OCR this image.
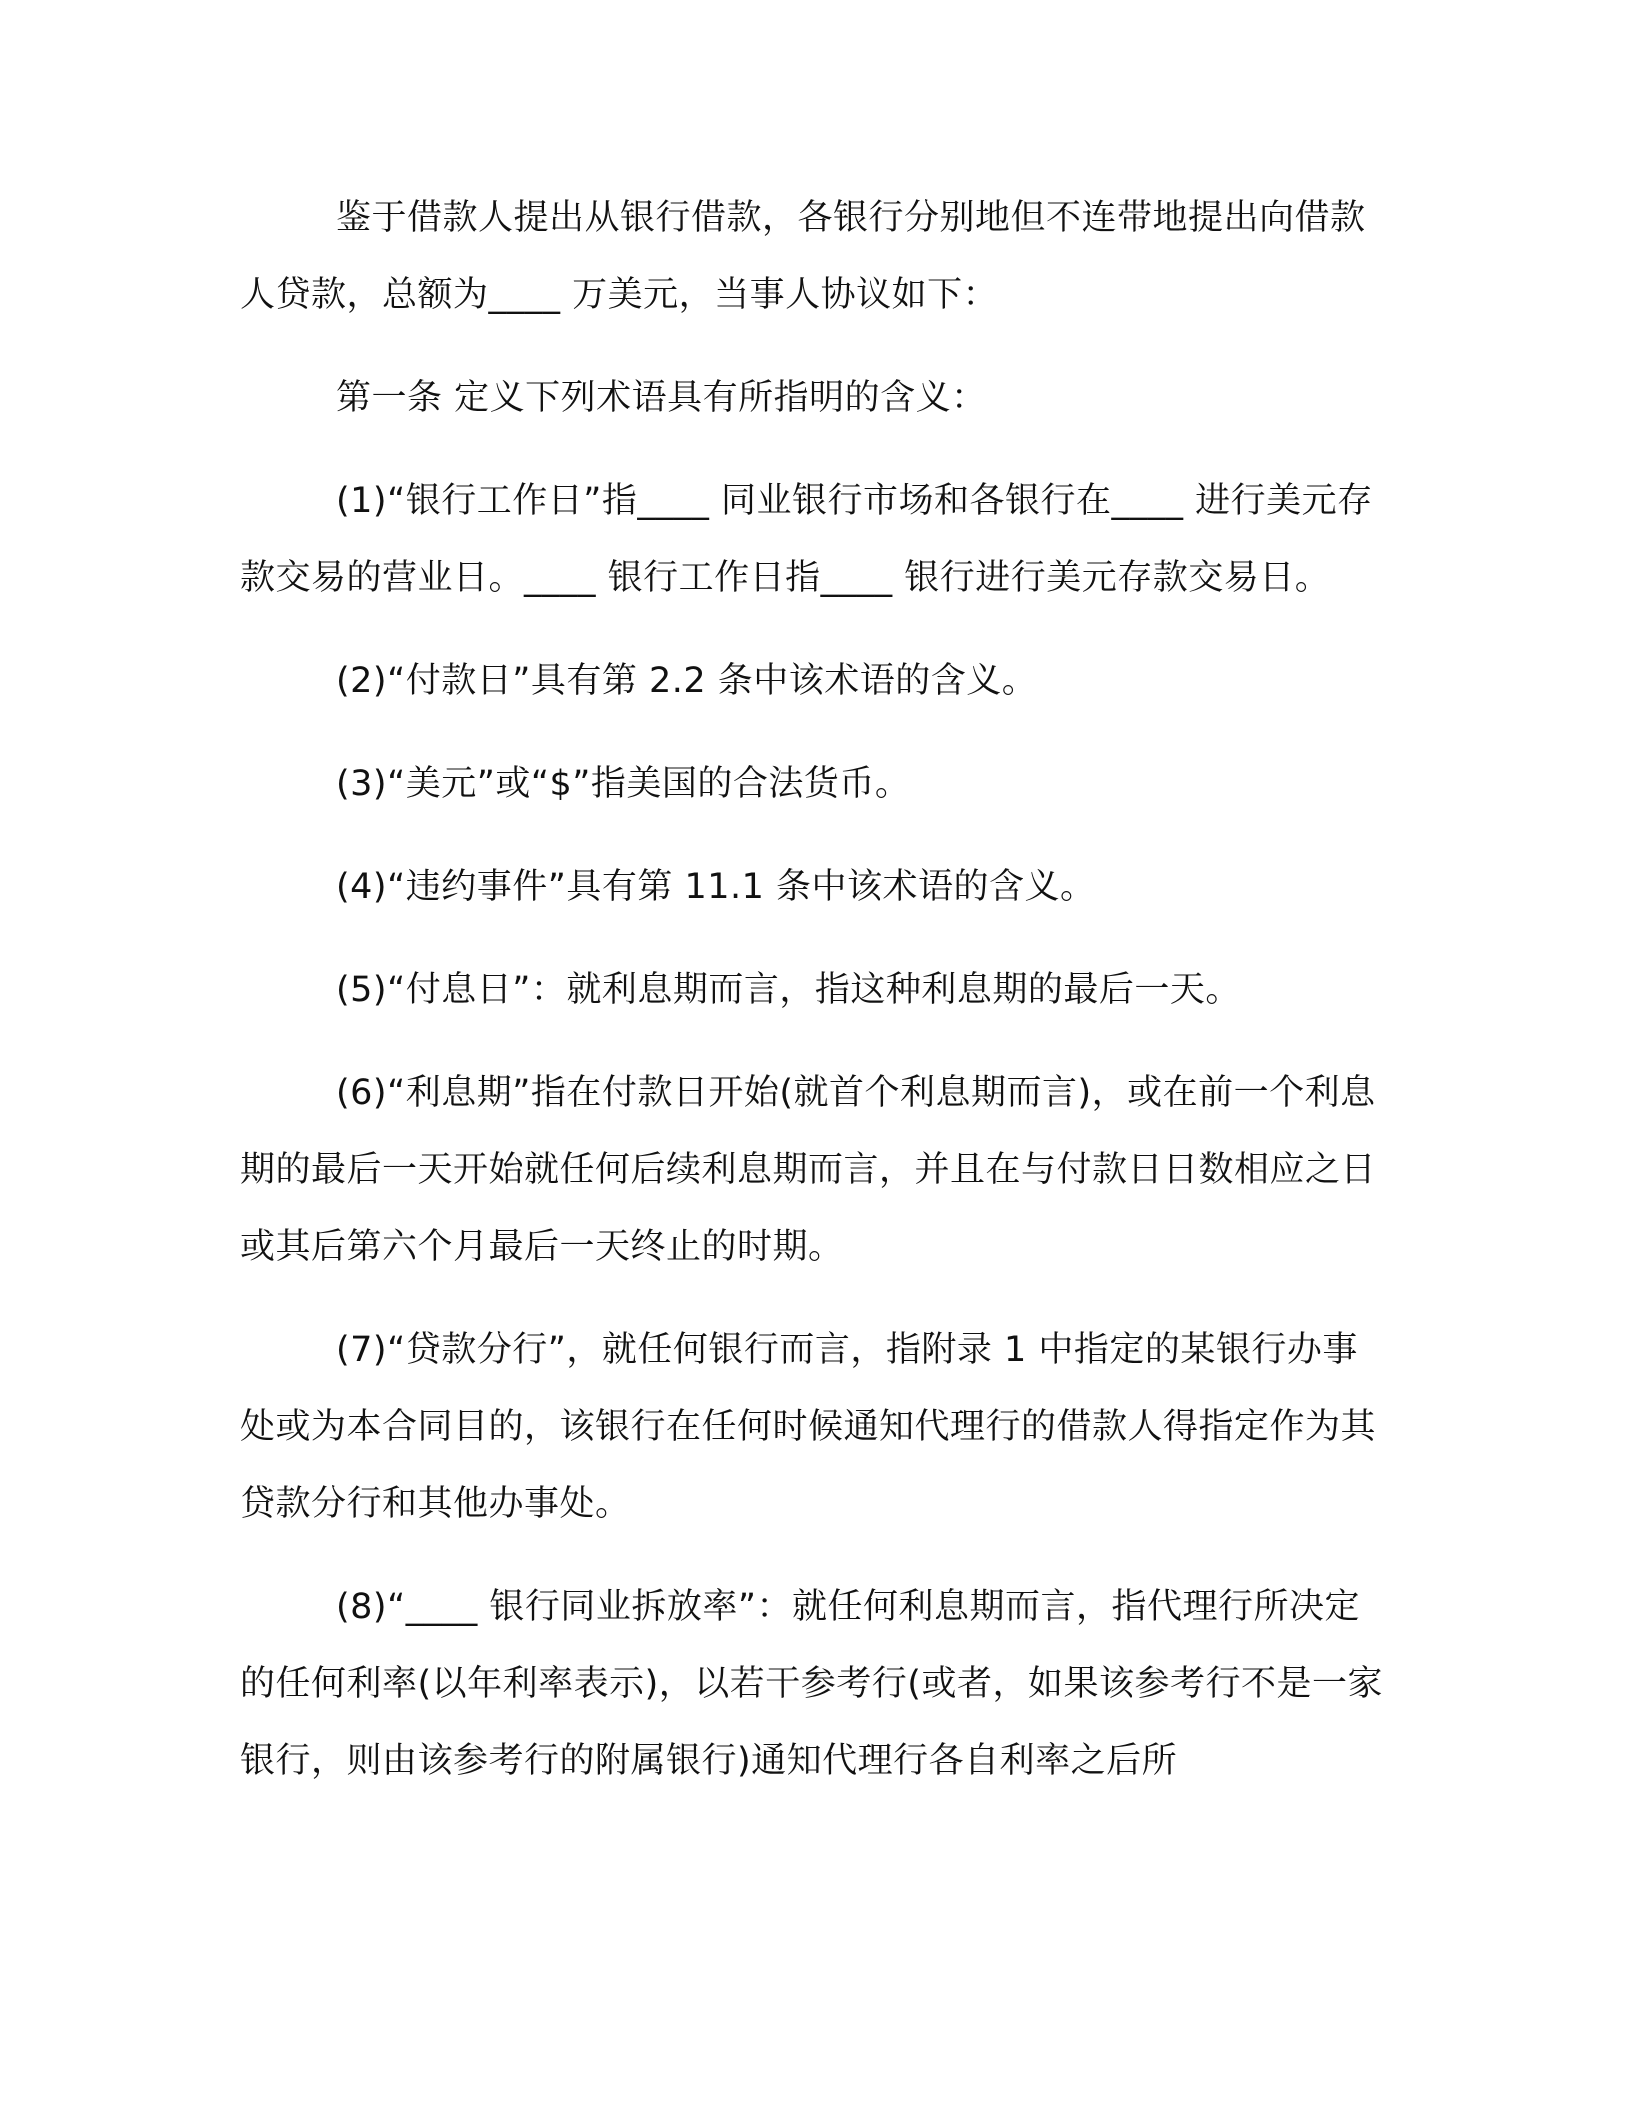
鉴于借款人提出从银行借款，各银行分别地但不连带地提出向借款人贷款，总额为____ 万美元，当事人协议如下：

第一条 定义下列术语具有所指明的含义：

(1)“银行工作日”指____ 同业银行市场和各银行在____ 进行美元存款交易的营业日。____ 银行工作日指____ 银行进行美元存款交易日。

(2)“付款日”具有第 2.2 条中该术语的含义。

(3)“美元”或“$”指美国的合法货币。

(4)“违约事件”具有第 11.1 条中该术语的含义。

(5)“付息日”：就利息期而言，指这种利息期的最后一天。

(6)“利息期”指在付款日开始(就首个利息期而言)，或在前一个利息期的最后一天开始就任何后续利息期而言，并且在与付款日日数相应之日或其后第六个月最后一天终止的时期。

(7)“贷款分行”，就任何银行而言，指附录 1 中指定的某银行办事处或为本合同目的，该银行在任何时候通知代理行的借款人得指定作为其贷款分行和其他办事处。

(8)“____ 银行同业拆放率”：就任何利息期而言，指代理行所决定的任何利率(以年利率表示)，以若干参考行(或者，如果该参考行不是一家银行，则由该参考行的附属银行)通知代理行各自利率之后所
